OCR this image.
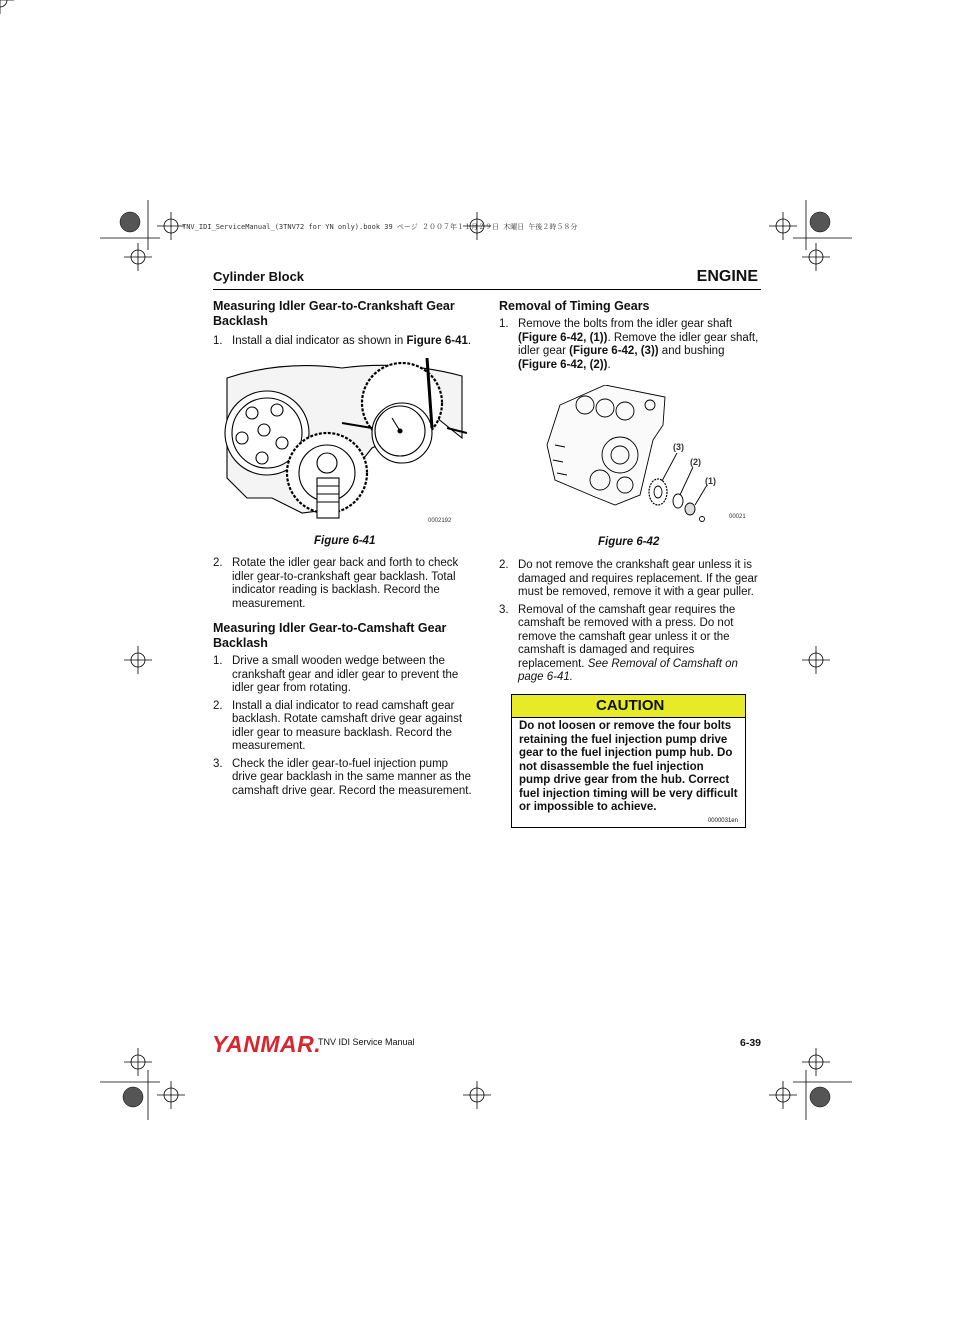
TNV_IDI_ServiceManual_(3TNV72 for YN only).book 39 ページ ２００７年１１月２９日 木曜日 午後２時５８分
Cylinder Block	ENGINE
Measuring Idler Gear-to-Crankshaft Gear
Backlash
1. Install a dial indicator as shown in Figure 6-41.
0002192
Figure 6-41
2. Rotate the idler gear back and forth to check idler gear-to-crankshaft gear backlash. Total indicator reading is backlash. Record the measurement.
Measuring Idler Gear-to-Camshaft Gear
Backlash
1. Drive a small wooden wedge between the crankshaft gear and idler gear to prevent the idler gear from rotating.
2. Install a dial indicator to read camshaft gear backlash. Rotate camshaft drive gear against idler gear to measure backlash. Record the measurement.
3. Check the idler gear-to-fuel injection pump drive gear backlash in the same manner as the camshaft drive gear. Record the measurement.
Removal of Timing Gears
1. Remove the bolts from the idler gear shaft (Figure 6-42, (1)). Remove the idler gear shaft, idler gear (Figure 6-42, (3)) and bushing (Figure 6-42, (2)).
(3)
(2)
(1)
00021
Figure 6-42
2. Do not remove the crankshaft gear unless it is damaged and requires replacement. If the gear must be removed, remove it with a gear puller.
3. Removal of the camshaft gear requires the camshaft be removed with a press. Do not remove the camshaft gear unless it or the camshaft is damaged and requires replacement. See Removal of Camshaft on page 6-41.
CAUTION
Do not loosen or remove the four bolts retaining the fuel injection pump drive gear to the fuel injection pump hub. Do not disassemble the fuel injection pump drive gear from the hub. Correct fuel injection timing will be very difficult or impossible to achieve.
0000031en
YANMAR.
TNV IDI Service Manual	6-39
